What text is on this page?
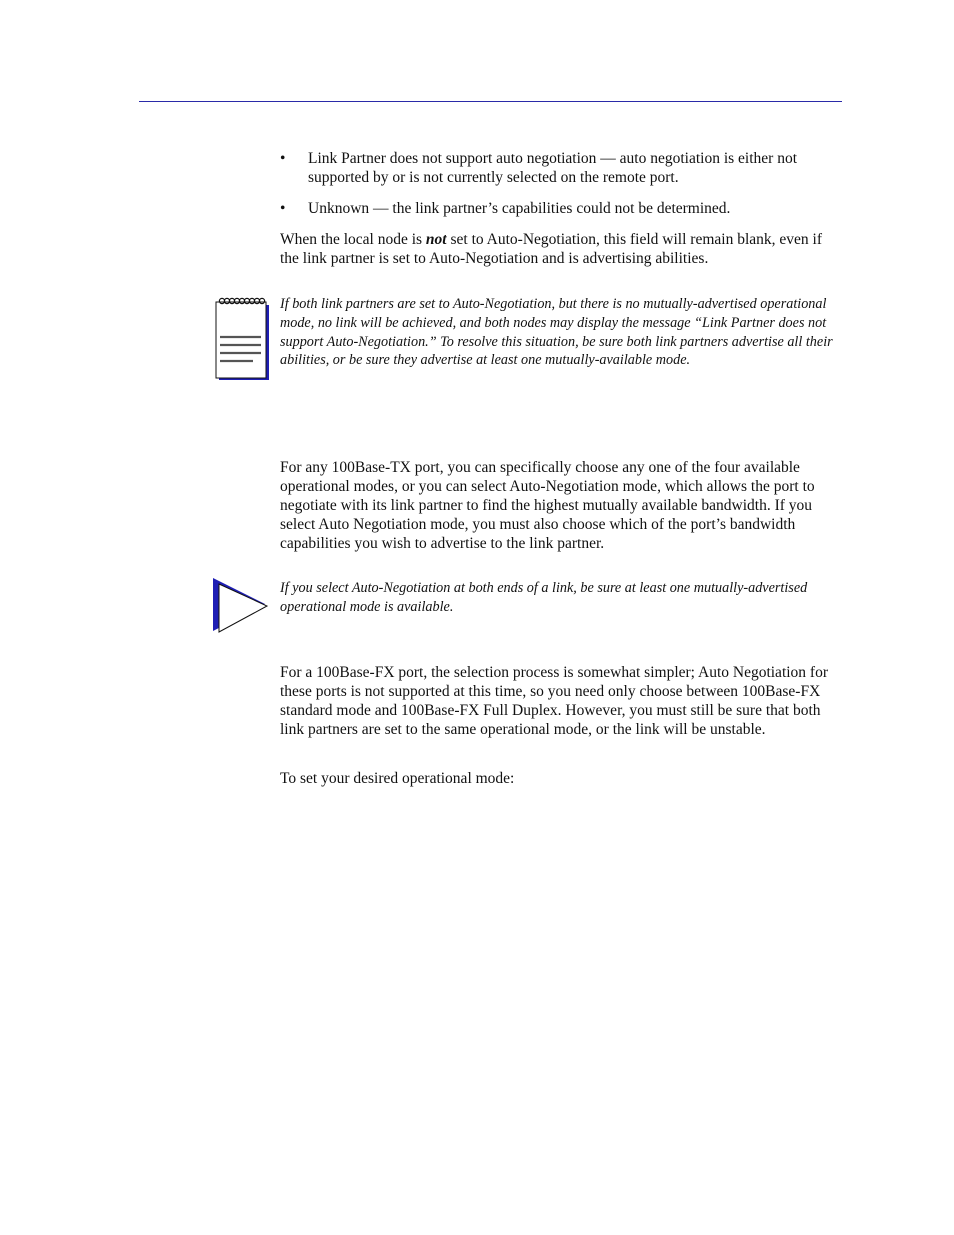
•	Link Partner does not support auto negotiation — auto negotiation is either not supported by or is not currently selected on the remote port.
•	Unknown — the link partner’s capabilities could not be determined.

When the local node is not set to Auto-Negotiation, this field will remain blank, even if the link partner is set to Auto-Negotiation and is advertising abilities.

If both link partners are set to Auto-Negotiation, but there is no mutually-advertised operational mode, no link will be achieved, and both nodes may display the message “Link Partner does not support Auto-Negotiation.” To resolve this situation, be sure both link partners advertise all their abilities, or be sure they advertise at least one mutually-available mode.
For any 100Base-TX port, you can specifically choose any one of the four available operational modes, or you can select Auto-Negotiation mode, which allows the port to negotiate with its link partner to find the highest mutually available bandwidth. If you select Auto Negotiation mode, you must also choose which of the port’s bandwidth capabilities you wish to advertise to the link partner.
If you select Auto-Negotiation at both ends of a link, be sure at least one mutually-advertised operational mode is available.
For a 100Base-FX port, the selection process is somewhat simpler; Auto Negotiation for these ports is not supported at this time, so you need only choose between 100Base-FX standard mode and 100Base-FX Full Duplex. However, you must still be sure that both link partners are set to the same operational mode, or the link will be unstable.
To set your desired operational mode:
